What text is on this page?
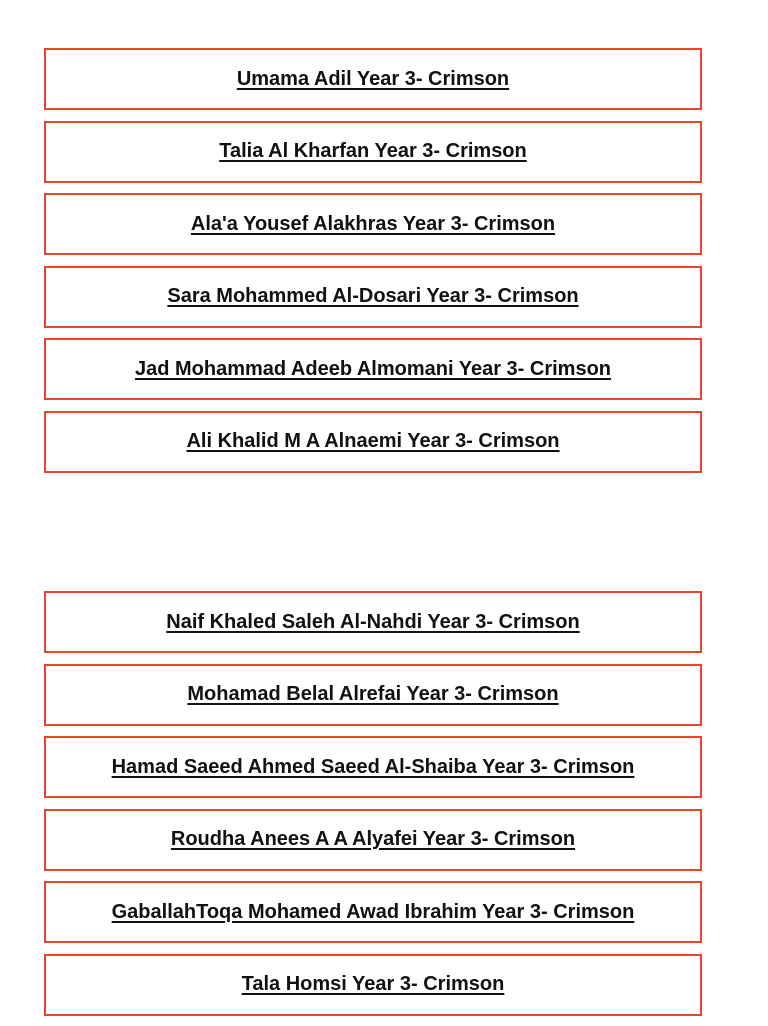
Umama Adil Year 3- Crimson
Talia Al Kharfan Year 3- Crimson
Ala'a Yousef Alakhras Year 3- Crimson
Sara Mohammed Al-Dosari Year 3- Crimson
Jad Mohammad Adeeb Almomani Year 3- Crimson
Ali Khalid M A Alnaemi Year 3- Crimson
Naif Khaled Saleh Al-Nahdi Year 3- Crimson
Mohamad Belal Alrefai Year 3- Crimson
Hamad Saeed Ahmed Saeed Al-Shaiba Year 3- Crimson
Roudha Anees A A Alyafei Year 3- Crimson
GaballahToqa Mohamed Awad Ibrahim Year 3- Crimson
Tala Homsi Year 3- Crimson
